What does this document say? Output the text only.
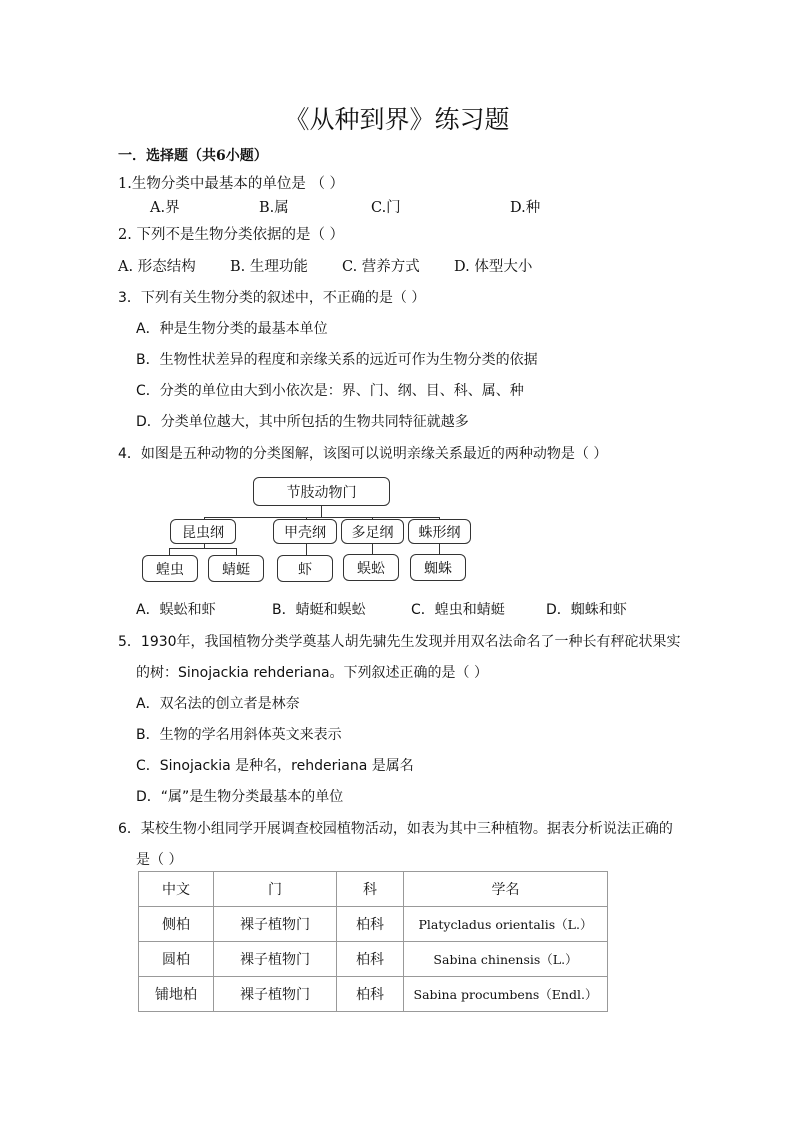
《从种到界》练习题
一．选择题（共6小题）
1.生物分类中最基本的单位是 （ ）
A.界	B.属	C.门	D.种
2. 下列不是生物分类依据的是（ ）
A. 形态结构 B. 生理功能 C. 营养方式 D. 体型大小
3．下列有关生物分类的叙述中，不正确的是（ ）
A．种是生物分类的最基本单位
B．生物性状差异的程度和亲缘关系的远近可作为生物分类的依据
C．分类的单位由大到小依次是：界、门、纲、目、科、属、种
D．分类单位越大，其中所包括的生物共同特征就越多
4．如图是五种动物的分类图解，该图可以说明亲缘关系最近的两种动物是（ ）
节肢动物门
昆虫纲	甲壳纲	多足纲	蛛形纲
蝗虫	蜻蜓	虾	蜈蚣	蜘蛛
A．蜈蚣和虾	B．蜻蜓和蜈蚣	C．蝗虫和蜻蜓	D．蜘蛛和虾
5．1930年，我国植物分类学奠基人胡先骕先生发现并用双名法命名了一种长有秤砣状果实
的树：Sinojackia rehderiana。下列叙述正确的是（ ）
A．双名法的创立者是林奈
B．生物的学名用斜体英文来表示
C．Sinojackia 是种名，rehderiana 是属名
D．“属”是生物分类最基本的单位
6．某校生物小组同学开展调查校园植物活动，如表为其中三种植物。据表分析说法正确的
是（ ）
中文	门	科	学名
侧柏	裸子植物门	柏科	Platycladus orientalis（L.）
圆柏	裸子植物门	柏科	Sabina chinensis（L.）
铺地柏	裸子植物门	柏科	Sabina procumbens（Endl.）
